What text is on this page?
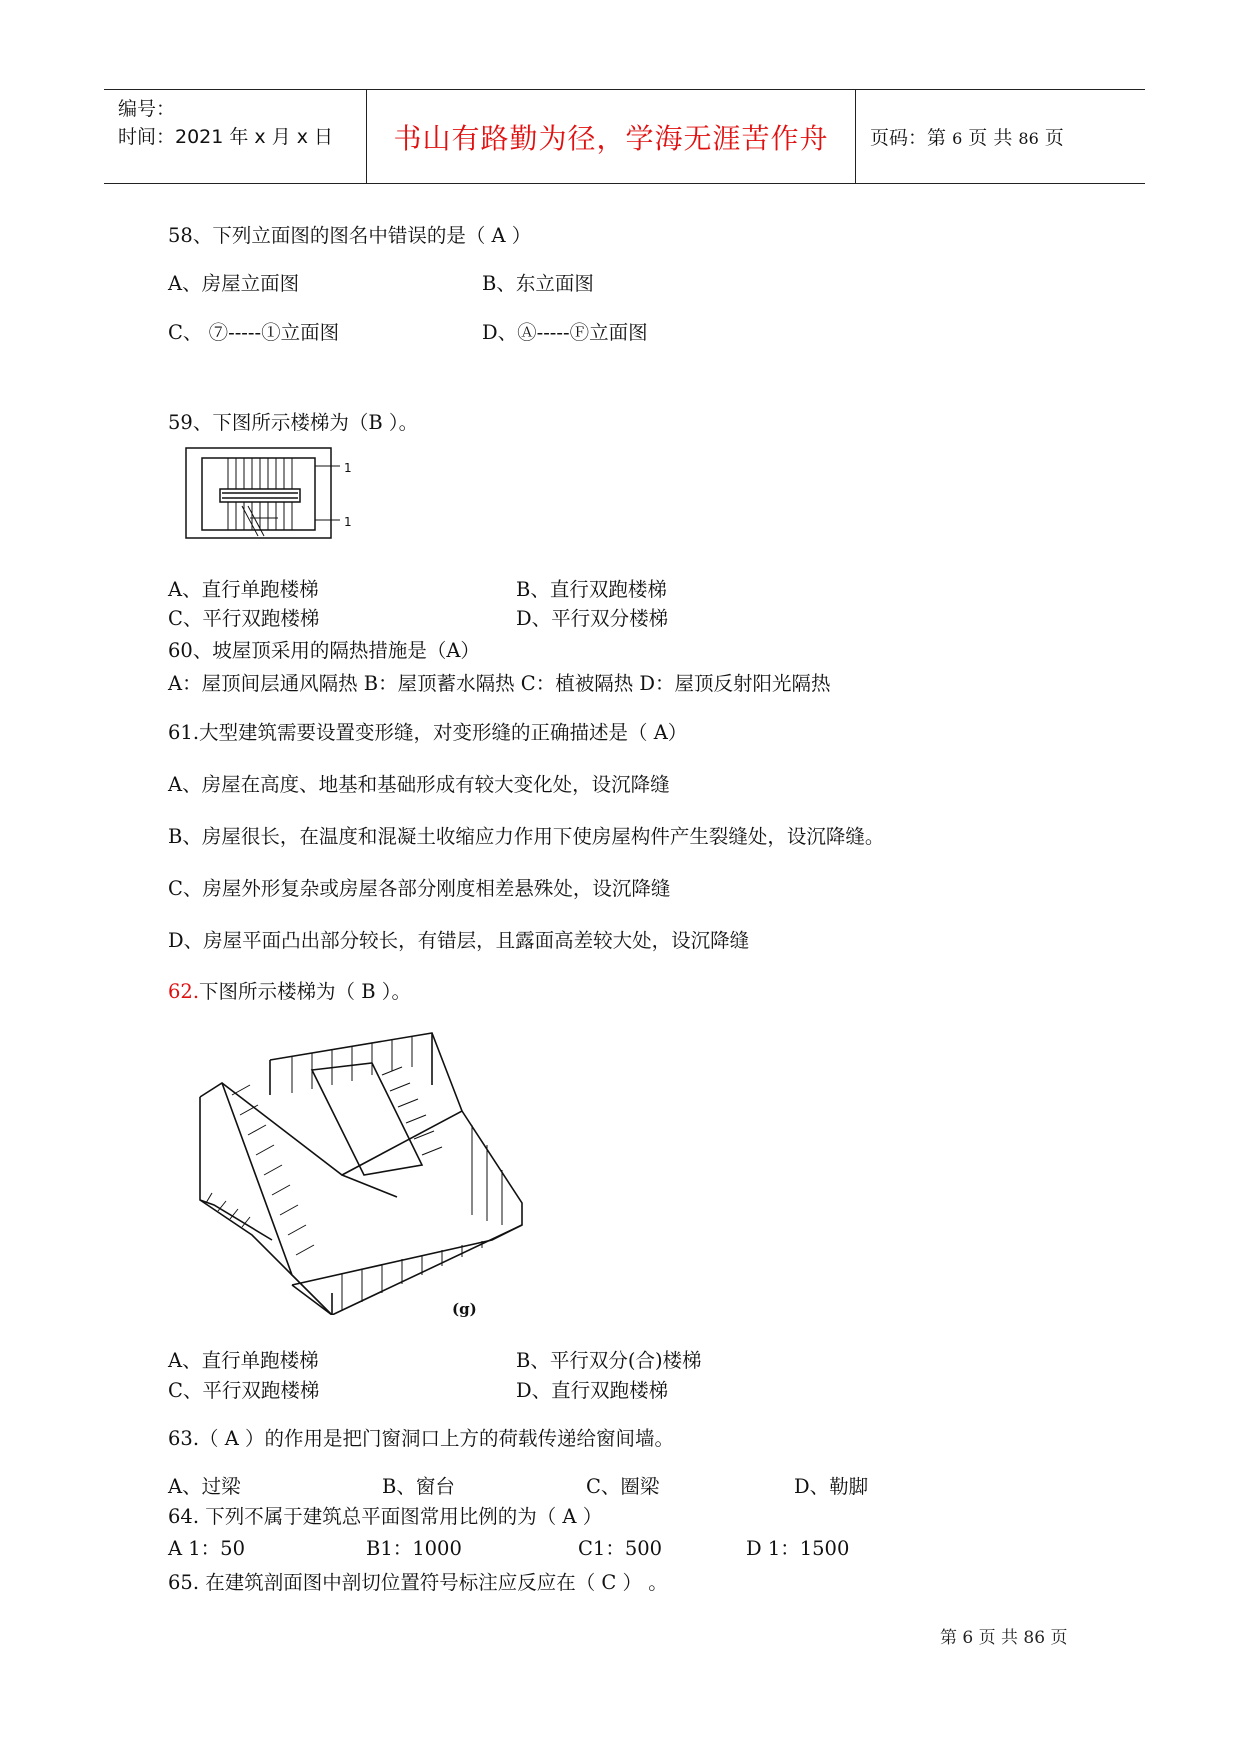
编号：
时间：2021 年 x 月 x 日	书山有路勤为径，学海无涯苦作舟	页码：第 6 页 共 86 页
58、下列立面图的图名中错误的是（ A ）
A、房屋立面图	B、东立面图
C、 ⑦-----①立面图	D、Ⓐ-----Ⓕ立面图
59、下图所示楼梯为（B ）。
1
1
A、直行单跑楼梯	B、直行双跑楼梯
C、平行双跑楼梯	D、平行双分楼梯
60、坡屋顶采用的隔热措施是（A）
A：屋顶间层通风隔热 B：屋顶蓄水隔热 C：植被隔热 D：屋顶反射阳光隔热
61.大型建筑需要设置变形缝，对变形缝的正确描述是（ A）
A、房屋在高度、地基和基础形成有较大变化处，设沉降缝
B、房屋很长，在温度和混凝土收缩应力作用下使房屋构件产生裂缝处，设沉降缝。
C、房屋外形复杂或房屋各部分刚度相差悬殊处，设沉降缝
D、房屋平面凸出部分较长，有错层，且露面高差较大处，设沉降缝
62.下图所示楼梯为（ B ）。
(g)
A、直行单跑楼梯	B、平行双分(合)楼梯
C、平行双跑楼梯	D、直行双跑楼梯
63.（ A ）的作用是把门窗洞口上方的荷载传递给窗间墙。
A、过梁	B、窗台	C、圈梁	D、勒脚
64. 下列不属于建筑总平面图常用比例的为（ A ）
A 1：50	B1：1000	C1：500	D 1：1500
65. 在建筑剖面图中剖切位置符号标注应反应在（ C ） 。
第 6 页 共 86 页
